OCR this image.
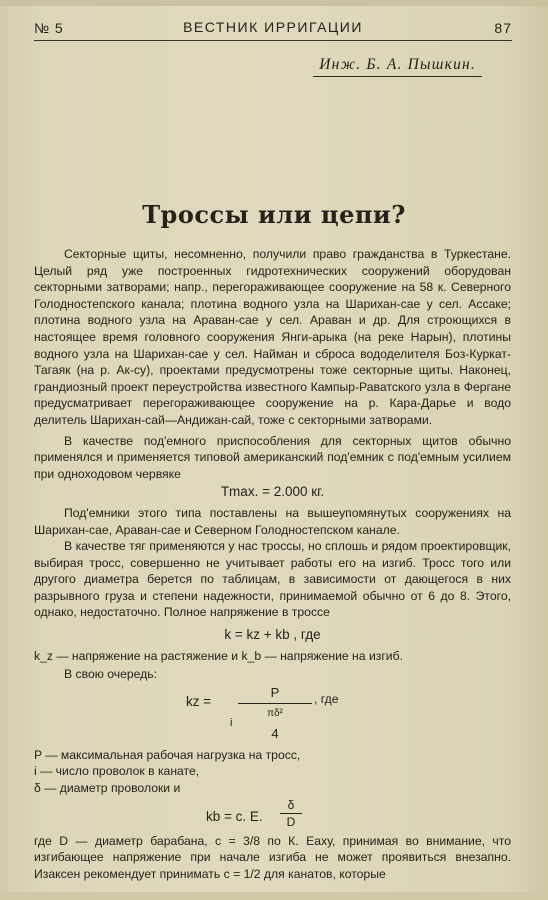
№ 5	ВЕСТНИК ИРРИГАЦИИ	87
Инж. Б. А. Пышкин.
Троссы или цепи?

Секторные щиты, несомненно, получили право гражданства в Туркестане. Целый ряд уже построенных гидротехнических сооружений оборудован секторными затворами; напр., перегораживающее сооружение на 58 к. Северного Голодностепского канала; плотина водного узла на Шарихан-сае у сел. Ассаке; плотина водного узла на Араван-сае у сел. Араван и др. Для строющихся в настоящее время головного сооружения Янги-арыка (на реке Нарын), плотины водного узла на Шарихан-сае у сел. Найман и сброса вододелителя Бoз-Куркат-Тагаяк (на р. Ак-су), проектами предусмотрены тоже секторные щиты. Наконец, грандиозный проект переустройства известного Кампыр-Раватского узла в Фергане предусматривает перегораживающее сооружение на р. Кара-Дарье и водо делитель Шарихан-сай—Андижан-сай, тоже с секторными затворами.

В качестве под'емного приспособления для секторных щитов обычно применялся и применяется типовой американский под'емник с под'емным усилием при одноходовом червяке

Tmax. = 2.000 кг.

Под'емники этого типа поставлены на вышеупомянутых сооружениях на Шарихан-сае, Араван-сае и Северном Голодностепском канале.

В качестве тяг применяются у нас троссы, но сплошь и рядом проектировщик, выбирая тросс, совершенно не учитывает работы его на изгиб. Тросс того или другого диаметра берется по таблицам, в зависимости от дающегося в них разрывного груза и степени надежности, принимаемой обычно от 6 до 8. Этого, однако, недостаточно. Полное напряжение в троссе

k = kz + kb , где

k_z — напряжение на растяжение и k_b — напряжение на изгиб.

В свою очередь:

kz =
P
πδ²
4
i
, где

P — максимальная рабочая нагрузка на тросс,

i — число проволок в канате,

δ — диаметр проволоки и

kb = c. E.
δ
D

где D — диаметр барабана, c = 3/8 по К. Еаху, принимая во внимание, что изгибающее напряжение при начале изгиба не может проявиться внезапно. Изаксен рекомендует принимать c = 1/2 для канатов, которые
